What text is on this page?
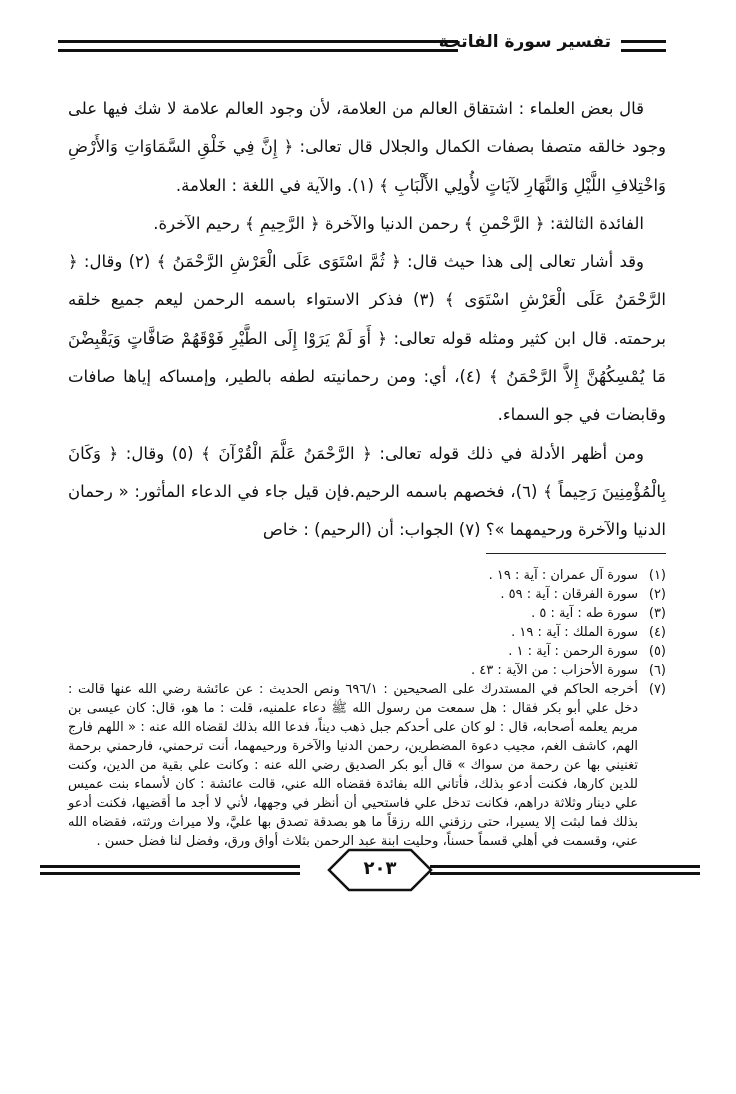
تفسير سورة الفاتحة

قال بعض العلماء : اشتقاق العالم من العلامة، لأن وجود العالم علامة لا شك فيها على وجود خالقه متصفا بصفات الكمال والجلال قال تعالى: ﴿ إِنَّ فِي خَلْقِ السَّمَاوَاتِ وَالأَرْضِ وَاخْتِلافِ اللَّيْلِ وَالنَّهَارِ لآيَاتٍ لأُولِي الأَلْبَابِ ﴾ (١). والآية في اللغة : العلامة.

الفائدة الثالثة: ﴿ الرَّحْمنِ ﴾ رحمن الدنيا والآخرة ﴿ الرَّحِيمِ ﴾ رحيم الآخرة.

وقد أشار تعالى إلى هذا حيث قال: ﴿ ثُمَّ اسْتَوَى عَلَى الْعَرْشِ الرَّحْمَنُ ﴾ (٢) وقال: ﴿ الرَّحْمَنُ عَلَى الْعَرْشِ اسْتَوَى ﴾ (٣) فذكر الاستواء باسمه الرحمن ليعم جميع خلقه برحمته. قال ابن كثير ومثله قوله تعالى: ﴿ أَوَ لَمْ يَرَوْا إِلَى الطَّيْرِ فَوْقَهُمْ صَافَّاتٍ وَيَقْبِضْنَ مَا يُمْسِكُهُنَّ إِلاَّ الرَّحْمَنُ ﴾ (٤)، أي: ومن رحمانيته لطفه بالطير، وإمساكه إياها صافات وقابضات في جو السماء.

ومن أظهر الأدلة في ذلك قوله تعالى: ﴿ الرَّحْمَنُ عَلَّمَ الْقُرْآنَ ﴾ (٥) وقال: ﴿ وَكَانَ بِالْمُؤْمِنِينَ رَحِيماً ﴾ (٦)، فخصهم باسمه الرحيم.فإن قيل جاء في الدعاء المأثور: « رحمان الدنيا والآخرة ورحيمهما »؟ (٧) الجواب: أن (الرحيم) : خاص

(١)
سورة آل عمران : آية : ١٩ .
(٢)
سورة الفرقان : آية : ٥٩ .
(٣)
سورة طه : آية : ٥ .
(٤)
سورة الملك : آية : ١٩ .
(٥)
سورة الرحمن : آية : ١ .
(٦)
سورة الأحزاب : من الآية : ٤٣ .
(٧)
أخرجه الحاكم في المستدرك على الصحيحين : ٦٩٦/١ ونص الحديث : عن عائشة رضي الله عنها قالت : دخل علي أبو بكر فقال : هل سمعت من رسول الله ﷺ دعاء علمنيه، قلت : ما هو، قال: كان عيسى بن مريم يعلمه أصحابه، قال : لو كان على أحدكم جبل ذهب ديناً، فدعا الله بذلك لقضاه الله عنه : « اللهم فارج الهم، كاشف الغم، مجيب دعوة المضطرين، رحمن الدنيا والآخرة ورحيمهما، أنت ترحمني، فارحمني برحمة تغنيني بها عن رحمة من سواك » قال أبو بكر الصديق رضي الله عنه : وكانت علي بقية من الدين، وكنت للدين كارها، فكنت أدعو بذلك، فأتاني الله بفائدة فقضاه الله عني، قالت عائشة : كان لأسماء بنت عميس علي دينار وثلاثة دراهم، فكانت تدخل علي فاستحيي أن أنظر في وجهها، لأني لا أجد ما أقضيها، فكنت أدعو بذلك فما لبثت إلا يسيرا، حتى رزقني الله رزقاً ما هو بصدقة تصدق بها عليَّ، ولا ميراث ورثته، فقضاه الله عني، وقسمت في أهلي قسماً حسناً، وحليت ابنة عبد الرحمن بثلاث أواق ورق، وفضل لنا فضل حسن .
٢٠٣
